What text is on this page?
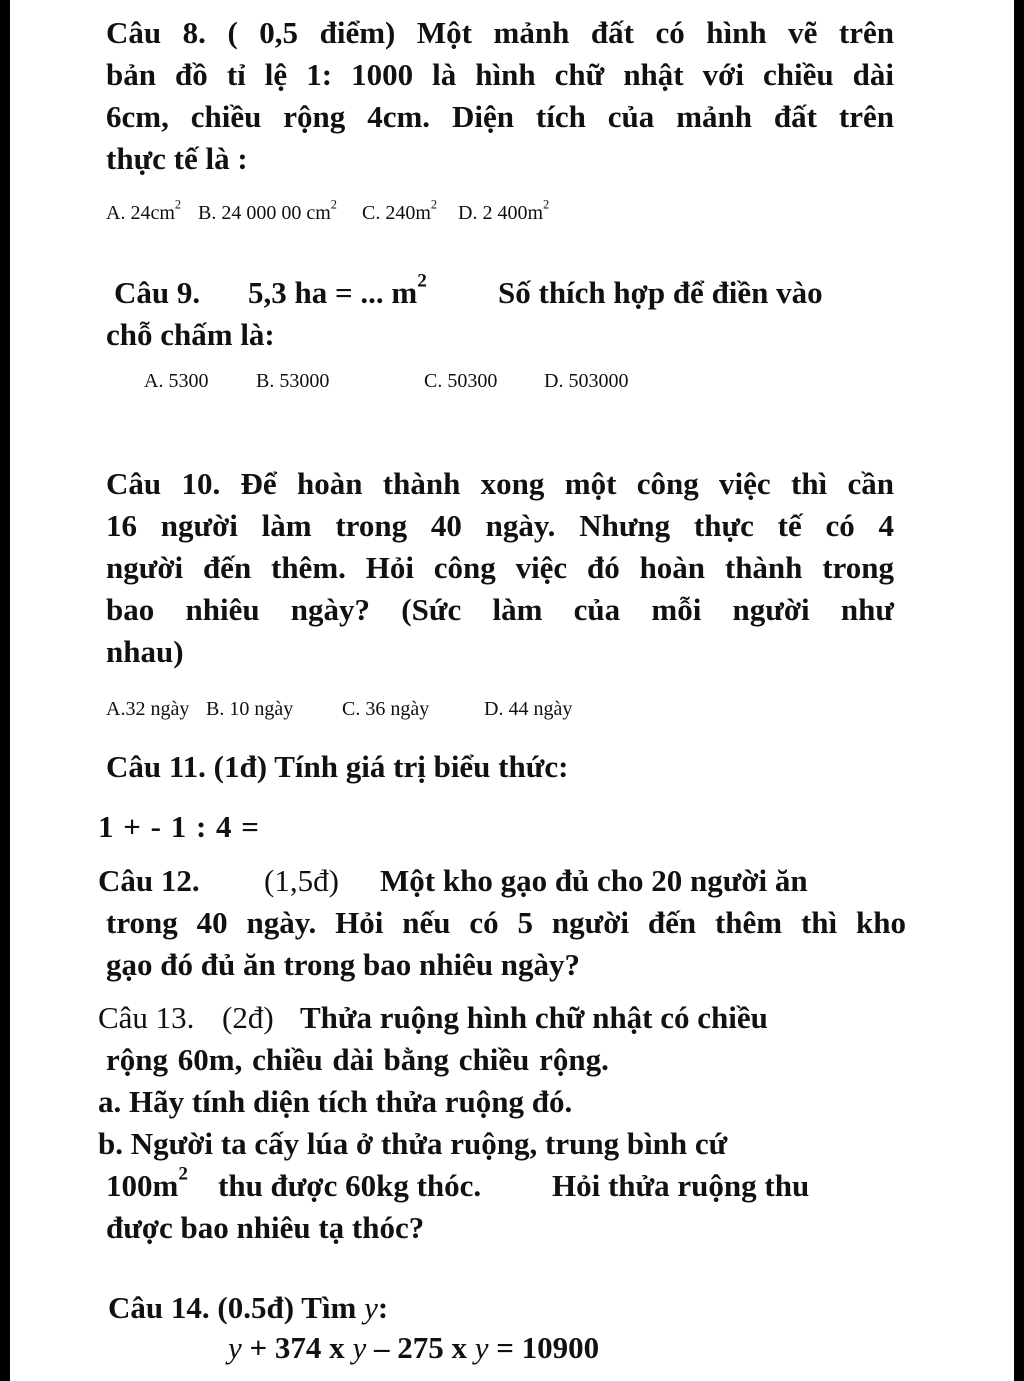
Câu 8. ( 0,5 điểm) Một mảnh đất có hình vẽ trên
bản đồ tỉ lệ 1: 1000 là hình chữ nhật với chiều dài
6cm, chiều rộng 4cm. Diện tích của mảnh đất trên
thực tế là :
A. $24cm^2$ B. 24 000 00 $cm^2$ C. $240m^2$ D. 2 $400m^2$
Câu 9. 5,3 ha = ... $m^2$ Số thích hợp để điền vào
chỗ chấm là:
A. 5300 B. 53000	C. 50300 D. 503000
Câu 10. Để hoàn thành xong một công việc thì cần
16 người làm trong 40 ngày. Nhưng thực tế có 4
người đến thêm. Hỏi công việc đó hoàn thành trong
bao nhiêu ngày? (Sức làm của mỗi người như
nhau)
A.32 ngày B. 10 ngày C. 36 ngày	D. 44 ngày
Câu 11. (1đ) Tính giá trị biểu thức:
1 + - 1 : 4 =
Câu 12. (1,5đ) Một kho gạo đủ cho 20 người ăn
trong 40 ngày. Hỏi nếu có 5 người đến thêm thì kho
gạo đó đủ ăn trong bao nhiêu ngày?
Câu 13. (2đ) Thửa ruộng hình chữ nhật có chiều
rộng 60m, chiều dài bằng chiều rộng.
a. Hãy tính diện tích thửa ruộng đó.
b. Người ta cấy lúa ở thửa ruộng, trung bình cứ
$100m^2$ thu được 60kg thóc. Hỏi thửa ruộng thu
được bao nhiêu tạ thóc?
Câu 14. (0.5đ) Tìm y:
y + 374 x y – 275 x y = 10900
